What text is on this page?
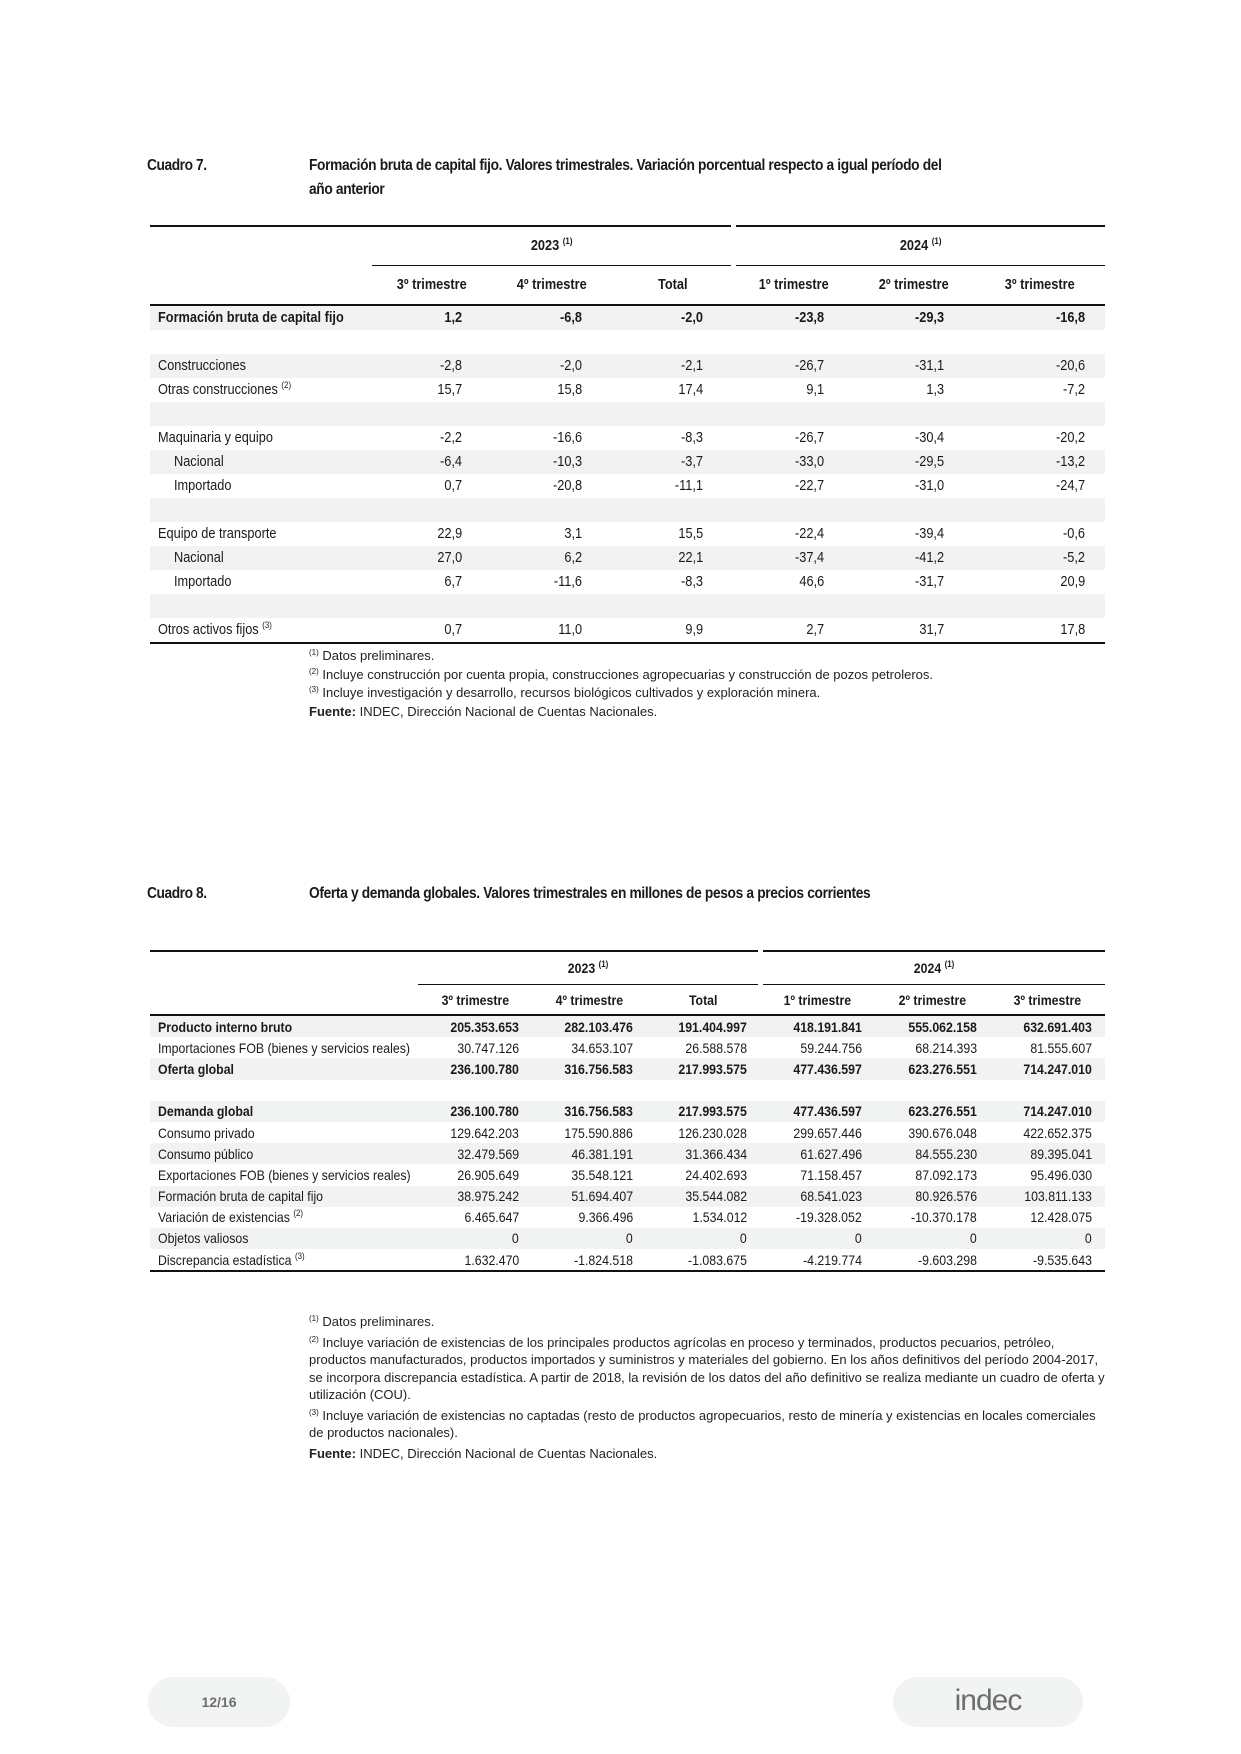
Cuadro 7.	Formación bruta de capital fijo. Valores trimestrales. Variación porcentual respecto a igual período del
año anterior
	2023 $^{(1)}$			2024 $^{(1)}$
	3º trimestre	4º trimestre	Total	1º trimestre	2º trimestre	3º trimestre
Formación bruta de capital fijo	1,2	-6,8	-2,0	-23,8	-29,3	-16,8

Construcciones	-2,8	-2,0	-2,1	-26,7	-31,1	-20,6
Otras construcciones $^{(2)}$	15,7	15,8	17,4	9,1	1,3	-7,2

Maquinaria y equipo	-2,2	-16,6	-8,3	-26,7	-30,4	-20,2
Nacional	-6,4	-10,3	-3,7	-33,0	-29,5	-13,2
Importado	0,7	-20,8	-11,1	-22,7	-31,0	-24,7

Equipo de transporte	22,9	3,1	15,5	-22,4	-39,4	-0,6
Nacional	27,0	6,2	22,1	-37,4	-41,2	-5,2
Importado	6,7	-11,6	-8,3	46,6	-31,7	20,9

Otros activos fijos $^{(3)}$	0,7	11,0	9,9	2,7	31,7	17,8

$^{(1)}$ Datos preliminares.

$^{(2)}$ Incluye construcción por cuenta propia, construcciones agropecuarias y construcción de pozos petroleros.

$^{(3)}$ Incluye investigación y desarrollo, recursos biológicos cultivados y exploración minera.

Fuente: INDEC, Dirección Nacional de Cuentas Nacionales.

Cuadro 8.	Oferta y demanda globales. Valores trimestrales en millones de pesos a precios corrientes
	2023 $^{(1)}$			2024 $^{(1)}$
	3º trimestre	4º trimestre	Total	1º trimestre	2º trimestre	3º trimestre
Producto interno bruto	205.353.653	282.103.476	191.404.997	418.191.841	555.062.158	632.691.403
Importaciones FOB (bienes y servicios reales)	30.747.126	34.653.107	26.588.578	59.244.756	68.214.393	81.555.607
Oferta global	236.100.780	316.756.583	217.993.575	477.436.597	623.276.551	714.247.010

Demanda global	236.100.780	316.756.583	217.993.575	477.436.597	623.276.551	714.247.010
Consumo privado	129.642.203	175.590.886	126.230.028	299.657.446	390.676.048	422.652.375
Consumo público	32.479.569	46.381.191	31.366.434	61.627.496	84.555.230	89.395.041
Exportaciones FOB (bienes y servicios reales)	26.905.649	35.548.121	24.402.693	71.158.457	87.092.173	95.496.030
Formación bruta de capital fijo	38.975.242	51.694.407	35.544.082	68.541.023	80.926.576	103.811.133
Variación de existencias $^{(2)}$	6.465.647	9.366.496	1.534.012	-19.328.052	-10.370.178	12.428.075
Objetos valiosos	0	0	0	0	0	0
Discrepancia estadística $^{(3)}$	1.632.470	-1.824.518	-1.083.675	-4.219.774	-9.603.298	-9.535.643

$^{(1)}$ Datos preliminares.

$^{(2)}$ Incluye variación de existencias de los principales productos agrícolas en proceso y terminados, productos pecuarios, petróleo, productos manufacturados, productos importados y suministros y materiales del gobierno. En los años definitivos del período 2004-2017, se incorpora discrepancia estadística. A partir de 2018, la revisión de los datos del año definitivo se realiza mediante un cuadro de oferta y utilización (COU).

$^{(3)}$ Incluye variación de existencias no captadas (resto de productos agropecuarios, resto de minería y existencias en locales comerciales de productos nacionales).

Fuente: INDEC, Dirección Nacional de Cuentas Nacionales.

12/16	indec
